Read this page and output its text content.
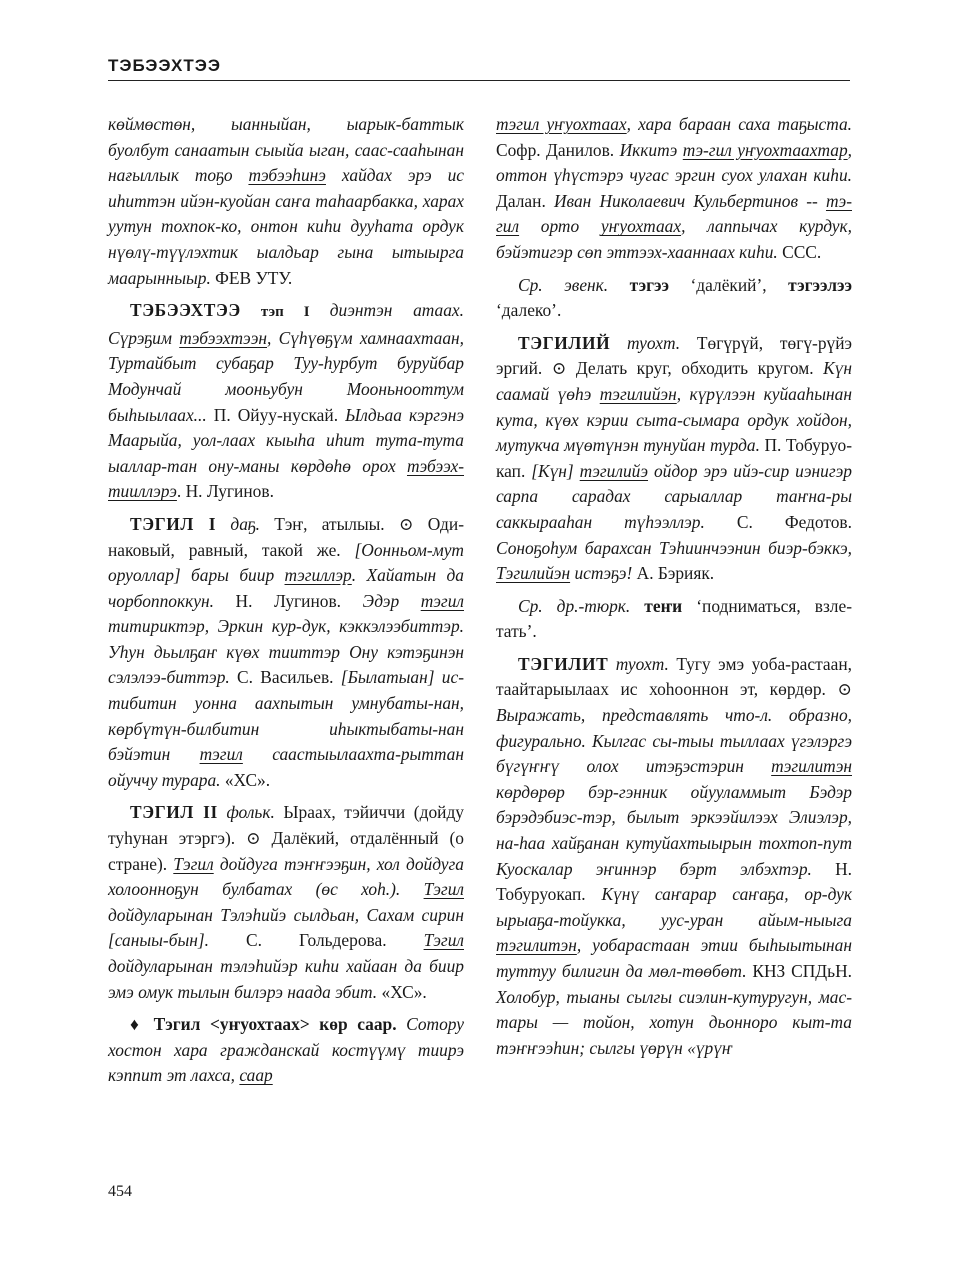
ТЭБЭЭХТЭЭ

көймөстөн, ыанныйан, ыарык-баттык буолбут санаатын сыыйа ыган, саас-сааһынан нағыллык тоҕо тэбээһинэ хайдах эрэ ис иһиттэн ийэн-куойан саҥа таһаарбакка, харах уутун тохпок-ко, онтон киһи дууһата ордук нүөлү-түүлэхтик ыалдьар гына ытыырга маарынныыр. ФЕВ УТУ.

ТЭБЭЭХТЭЭ тэп I диэнтэн атаах. Сүрэҕим тэбээхтээн, Сүһүөҕүм хамнаахтаан, Туртайбыт субаҕар Туу-һурбут буруйбар Модунчай мооньубун Мооньнооттум быһыылаах... П. Ойуу-нускай. Ылдьаа кэргэнэ Маарыйа, уол-лаах кыыһа иһит тута-тута ыаллар-тан ону-маны көрдөһө орох тэбээх-тииллэрэ. Н. Лугинов.

ТЭГИЛ I даҕ. Тэҥ, атылыы. ⊙ Оди-наковый, равный, такой же. [Оонньом-мут оруоллар] бары биир тэгиллэр. Хайатын да чорбоппоккун. Н. Лугинов. Эдэр тэгил титириктэр, Эркин кур-дук, кэккэлээбиттэр. Уһун дьылҕаҥ күөх тииттэр Ону кэтэҕинэн сэлэлээ-биттэр. С. Васильев. [Былатыан] ис-тибитин уонна аахпытын умнубаты-нан, көрбүтүн-билбитин иһыктыбаты-нан бэйэтин тэгил саастыылаахта-рыттан ойуччу турара. «ХС».

ТЭГИЛ II фольк. Ыраах, тэйиччи (дойду туһунан этэргэ). ⊙ Далёкий, отдалённый (о стране). Тэгил дойдуга тэҥҥээҕин, хол дойдуга холоонноҕун булбатах (өс хоһ.). Тэгил дойдуларынан Тэлэһийэ сылдьан, Сахам сирин [саныы-бын]. С. Гольдерова. Тэгил дойдуларынан тэлэһийэр киһи хайаан да биир эмэ омук тылын билэрэ наада эбит. «ХС».

♦ Тэгил <уҥуохтааx> көр саар. Сотору хостон хара гражданскай костүүмү тиирэ кэппит эт лахса, саар

тэгил уҥуохтаах, хара бараан саха таҕыста. Софр. Данилов. Иккитэ тэ-гил уҥуохтаахтар, оттон үһүстэрэ чугас эргин суох улахан киһи. Далан. Иван Николаевич Кульбертинов -- тэ-гил орто уҥуохтаах, лаппычах курдук, бэйэтигэр сөп эттээх-хааннаах киһи. ССС.

Ср. эвенк. тэгээ ‘далёкий’, тэгээлээ ‘далеко’.

ТЭГИЛИЙ туохт. Төгүрүй, төгү-рүйэ эргий. ⊙ Делать круг, обходить кругом. Күн саамай үөһэ тэгилийэн, күрүлээн куйааһынан кута, күөх кэрии сыта-сымара ордук хойдон, мутукча мүөтүнэн тунуйан турда. П. Тобуруо-кап. [Күн] тэгилийэ ойдор эрэ ийэ-сир иэнигэр сарпа сарадах сарыаллар таҥна-ры саккырааһан түһээллэр. С. Федотов. Соноҕоһум барахсан Тэһиинчээнин биэр-бэккэ, Тэгилийэн истэҕэ! А. Бэрияк.

Ср. др.-тюрк. теҥи ‘подниматься, взле-тать’.

ТЭГИЛИТ туохт. Тугу эмэ уоба-растаан, таайтарыылаах ис хоһооннон эт, көрдөр. ⊙ Выражать, представлять что-л. образно, фигурально. Кылгас сы-тыы тыллаах үгэлэргэ бүгүҥҥү олох итэҕэстэрин тэгилитэн көрдөрөр бэр-гэнник ойууламмыт Бэдэр бэрэдэбиэс-тэр, былыт эркээйилээх Элиэлэр, на-һаа хайҕанан кутуйахтыырын тохтоп-пут Куоскалар эҥиннэр бэрт элбэхтэр. Н. Тобуруокап. Күнү саҥарар саҥаҕа, ор-дук ырыаҕа-тойукка, уус-уран айым-ныыга тэгилитэн, уобарастаан этии быһыытынан туттуу билигин да мөл-төөбөт. КНЗ СПДьН. Холобур, тыаны сылгы сиэлин-кутуругун, мас-тары — тойон, хотун дьонноро кыт-та тэҥҥээһин; сылгы үөрүн «үрүҥ

454
